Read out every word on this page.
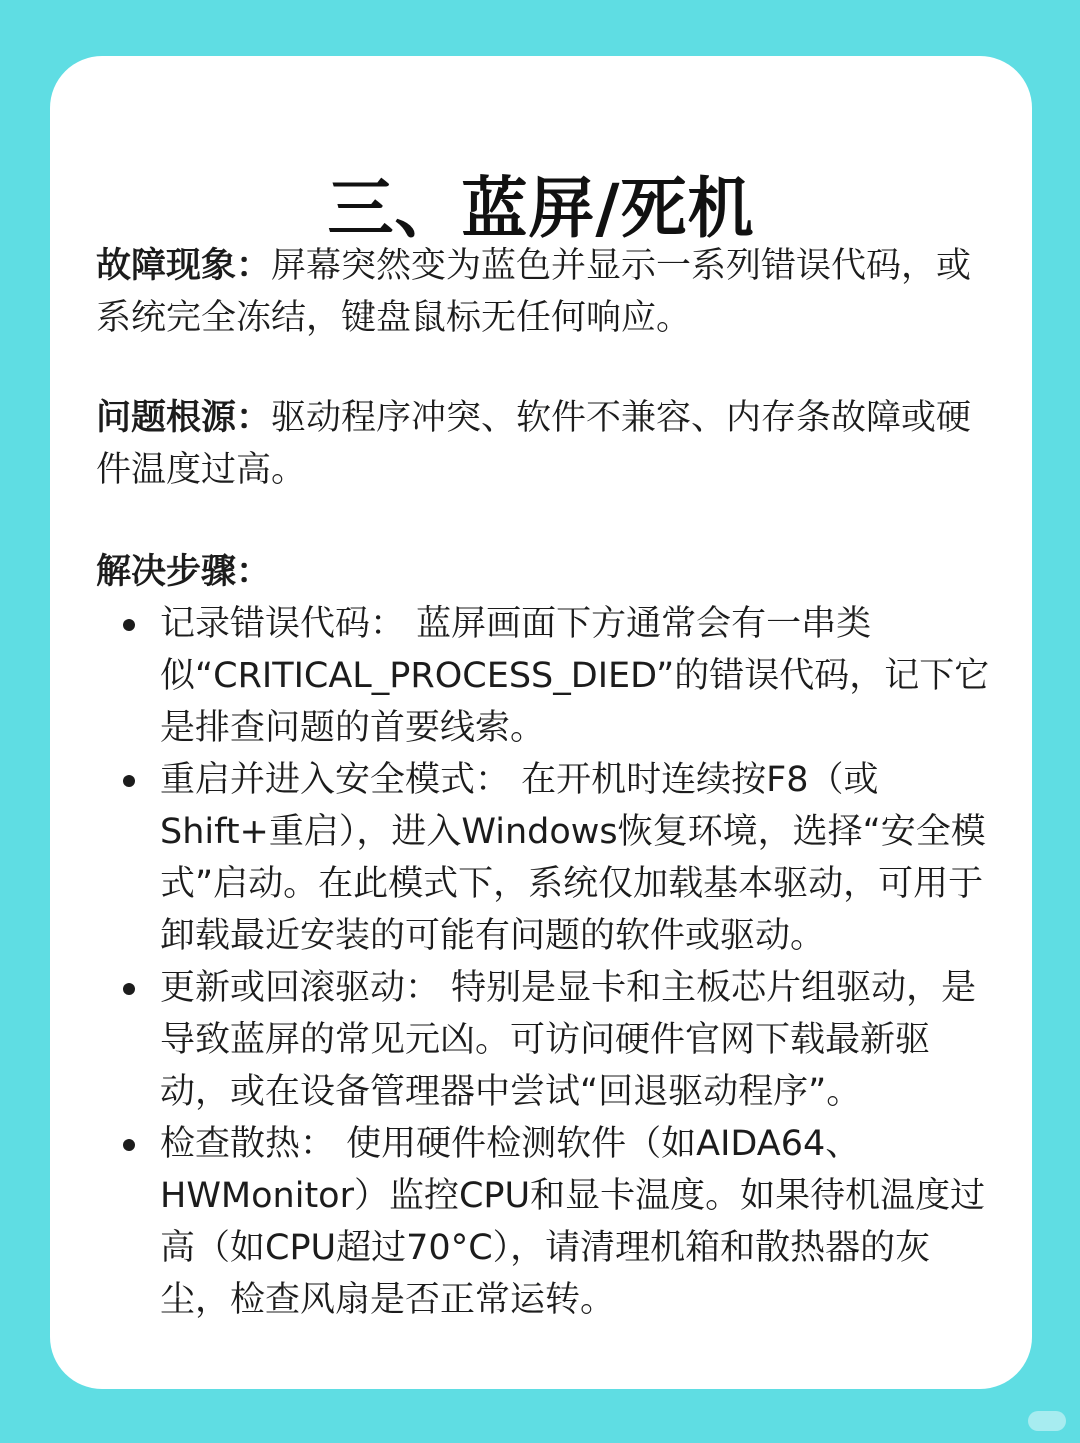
三、蓝屏/死机
故障现象：屏幕突然变为蓝色并显示一系列错误代码，或系统完全冻结，键盘鼠标无任何响应。
问题根源：驱动程序冲突、软件不兼容、内存条故障或硬件温度过高。
解决步骤：
记录错误代码： 蓝屏画面下方通常会有一串类似“CRITICAL_PROCESS_DIED”的错误代码，记下它是排查问题的首要线索。
重启并进入安全模式： 在开机时连续按F8（或Shift+重启），进入Windows恢复环境，选择“安全模式”启动。在此模式下，系统仅加载基本驱动，可用于卸载最近安装的可能有问题的软件或驱动。
更新或回滚驱动： 特别是显卡和主板芯片组驱动，是导致蓝屏的常见元凶。可访问硬件官网下载最新驱动，或在设备管理器中尝试“回退驱动程序”。
检查散热： 使用硬件检测软件（如AIDA64、HWMonitor）监控CPU和显卡温度。如果待机温度过高（如CPU超过70°C），请清理机箱和散热器的灰尘，检查风扇是否正常运转。
